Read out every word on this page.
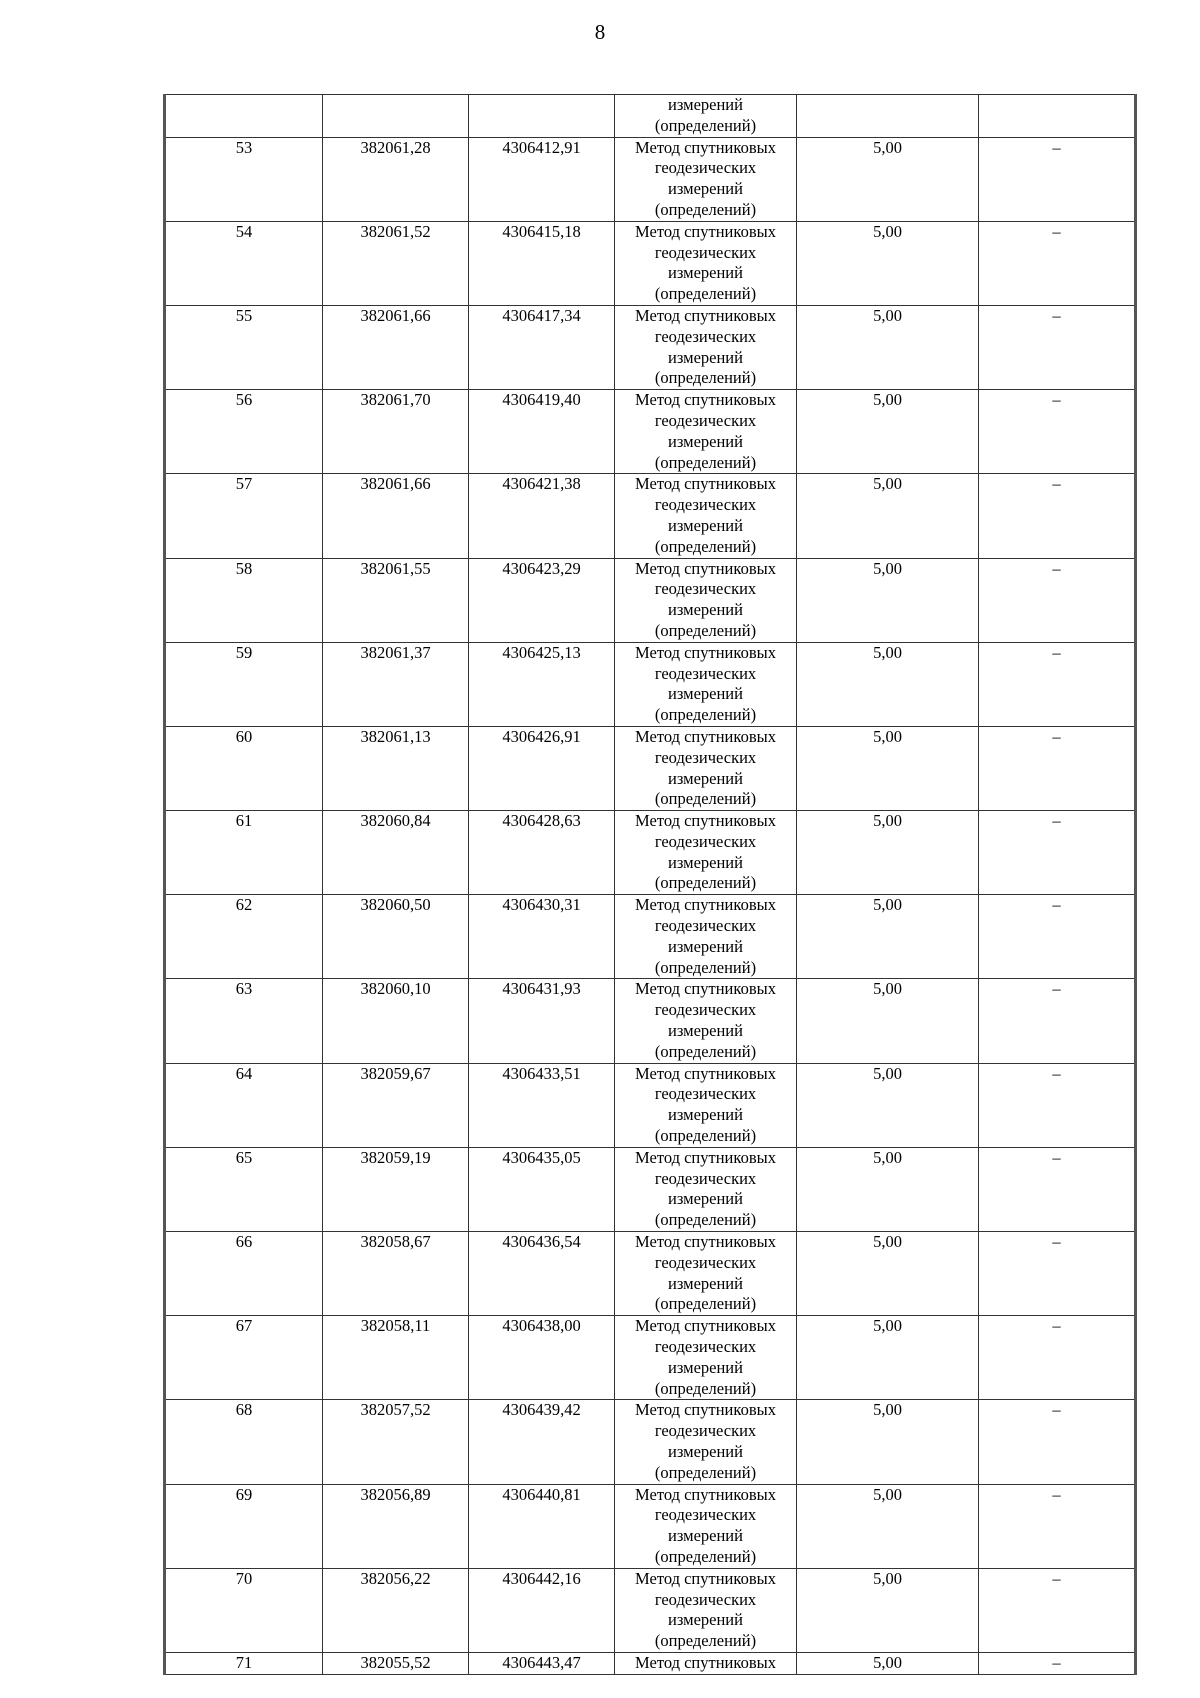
8

			измерений
(определений)		

53	382061,28	4306412,91	Метод спутниковых
геодезических
измерений
(определений)	5,00	–
54	382061,52	4306415,18	Метод спутниковых
геодезических
измерений
(определений)	5,00	–
55	382061,66	4306417,34	Метод спутниковых
геодезических
измерений
(определений)	5,00	–
56	382061,70	4306419,40	Метод спутниковых
геодезических
измерений
(определений)	5,00	–
57	382061,66	4306421,38	Метод спутниковых
геодезических
измерений
(определений)	5,00	–
58	382061,55	4306423,29	Метод спутниковых
геодезических
измерений
(определений)	5,00	–
59	382061,37	4306425,13	Метод спутниковых
геодезических
измерений
(определений)	5,00	–
60	382061,13	4306426,91	Метод спутниковых
геодезических
измерений
(определений)	5,00	–
61	382060,84	4306428,63	Метод спутниковых
геодезических
измерений
(определений)	5,00	–
62	382060,50	4306430,31	Метод спутниковых
геодезических
измерений
(определений)	5,00	–
63	382060,10	4306431,93	Метод спутниковых
геодезических
измерений
(определений)	5,00	–
64	382059,67	4306433,51	Метод спутниковых
геодезических
измерений
(определений)	5,00	–
65	382059,19	4306435,05	Метод спутниковых
геодезических
измерений
(определений)	5,00	–
66	382058,67	4306436,54	Метод спутниковых
геодезических
измерений
(определений)	5,00	–
67	382058,11	4306438,00	Метод спутниковых
геодезических
измерений
(определений)	5,00	–
68	382057,52	4306439,42	Метод спутниковых
геодезических
измерений
(определений)	5,00	–
69	382056,89	4306440,81	Метод спутниковых
геодезических
измерений
(определений)	5,00	–
70	382056,22	4306442,16	Метод спутниковых
геодезических
измерений
(определений)	5,00	–
71	382055,52	4306443,47	Метод спутниковых	5,00	–
